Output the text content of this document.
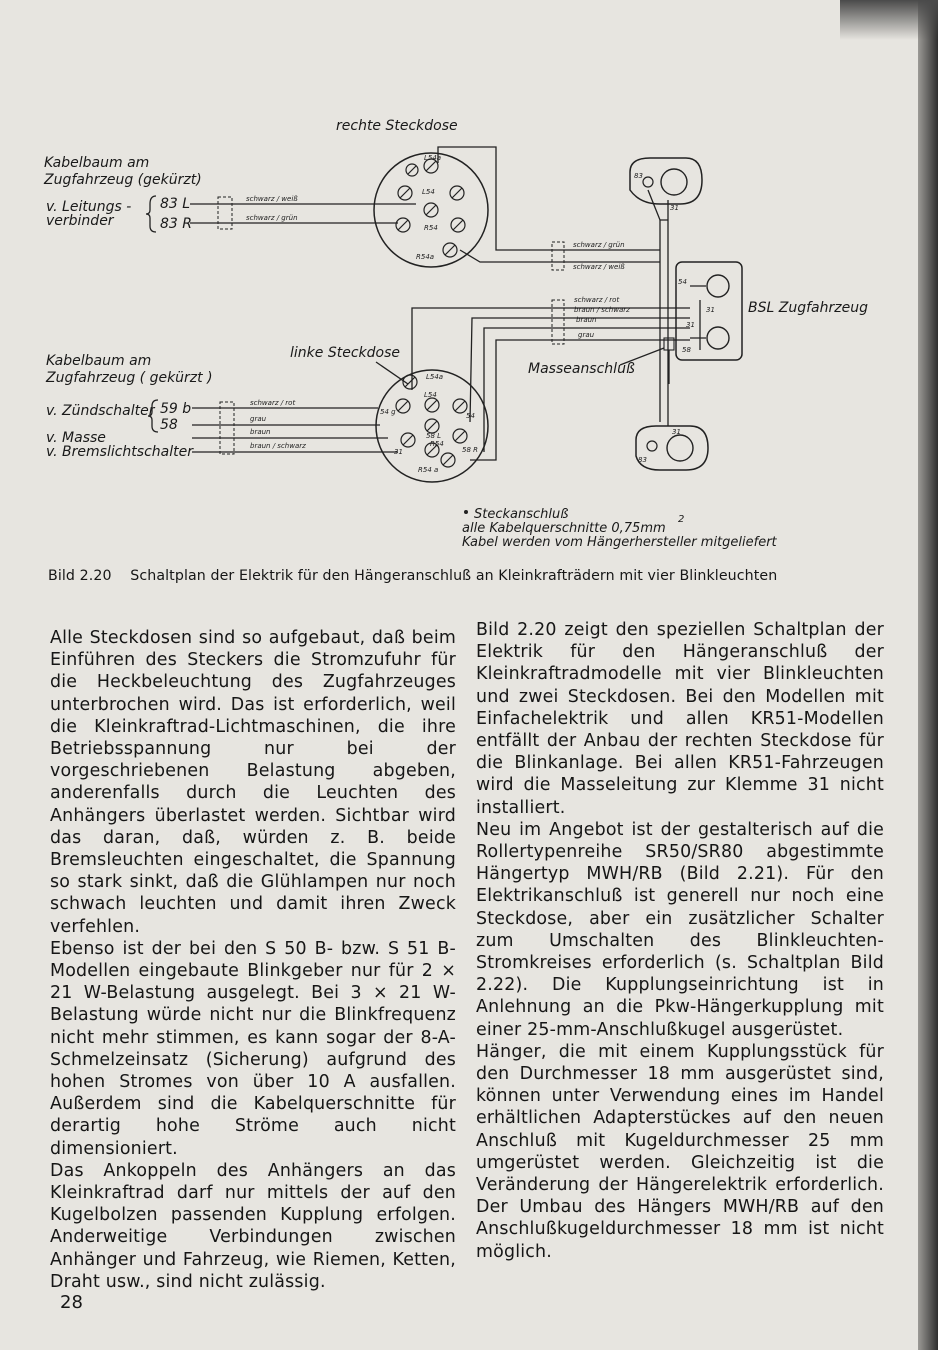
rechte Steckdose
Kabelbaum am
Zugfahrzeug (gekürzt)
v. Leitungs -
verbinder
83 L
83 R
schwarz / weiß
schwarz / grün
L54a
L54
R54
R54a
schwarz / grün
schwarz / weiß
schwarz / rot
braun / schwarz
braun
grau
83
31
54
31
31
58
BSL Zugfahrzeug
Masseanschluß
31
83
linke Steckdose
Kabelbaum am
Zugfahrzeug ( gekürzt )
v. Zündschalter
v. Masse
v. Bremslichtschalter
59 b
58
schwarz / rot
grau
braun
braun / schwarz
L54a
L54
54
54 g
58 L
58 R
R54
31
R54 a
Steckanschluß
alle Kabelquerschnitte 0,75mm
2
Kabel werden vom Hängerhersteller mitgeliefert
Bild 2.20 Schaltplan der Elektrik für den Hängeranschluß an Kleinkrafträdern mit vier Blinkleuchten

Alle Steckdosen sind so aufgebaut, daß beim Einführen des Steckers die Stromzufuhr für die Heckbeleuchtung des Zugfahrzeuges unterbrochen wird. Das ist erforderlich, weil die Kleinkraftrad-Lichtmaschinen, die ihre Betriebsspannung nur bei der vorgeschriebenen Belastung abgeben, anderenfalls durch die Leuchten des Anhängers überlastet werden. Sichtbar wird das daran, daß, würden z. B. beide Bremsleuchten eingeschaltet, die Spannung so stark sinkt, daß die Glühlampen nur noch schwach leuchten und damit ihren Zweck verfehlen.

Ebenso ist der bei den S 50 B- bzw. S 51 B-Modellen eingebaute Blinkgeber nur für 2 × 21 W-Belastung ausgelegt. Bei 3 × 21 W-Belastung würde nicht nur die Blinkfrequenz nicht mehr stimmen, es kann sogar der 8-A-Schmelzeinsatz (Sicherung) aufgrund des hohen Stromes von über 10 A ausfallen. Außerdem sind die Kabelquerschnitte für derartig hohe Ströme auch nicht dimensioniert.

Das Ankoppeln des Anhängers an das Kleinkraftrad darf nur mittels der auf den Kugelbolzen passenden Kupplung erfolgen. Anderweitige Verbindungen zwischen Anhänger und Fahrzeug, wie Riemen, Ketten, Draht usw., sind nicht zulässig.

Bild 2.20 zeigt den speziellen Schaltplan der Elektrik für den Hängeranschluß der Kleinkraftradmodelle mit vier Blinkleuchten und zwei Steckdosen. Bei den Modellen mit Einfachelektrik und allen KR51-Modellen entfällt der Anbau der rechten Steckdose für die Blinkanlage. Bei allen KR51-Fahrzeugen wird die Masseleitung zur Klemme 31 nicht installiert.

Neu im Angebot ist der gestalterisch auf die Rollertypenreihe SR50/SR80 abgestimmte Hängertyp MWH/RB (Bild 2.21). Für den Elektrikanschluß ist generell nur noch eine Steckdose, aber ein zusätzlicher Schalter zum Umschalten des Blinkleuchten-Stromkreises erforderlich (s. Schaltplan Bild 2.22). Die Kupplungseinrichtung ist in Anlehnung an die Pkw-Hängerkupplung mit einer 25-mm-Anschlußkugel ausgerüstet.

Hänger, die mit einem Kupplungsstück für den Durchmesser 18 mm ausgerüstet sind, können unter Verwendung eines im Handel erhältlichen Adapterstückes auf den neuen Anschluß mit Kugeldurchmesser 25 mm umgerüstet werden. Gleichzeitig ist die Veränderung der Hängerelektrik erforderlich. Der Umbau des Hängers MWH/RB auf den Anschlußkugeldurchmesser 18 mm ist nicht möglich.

28
